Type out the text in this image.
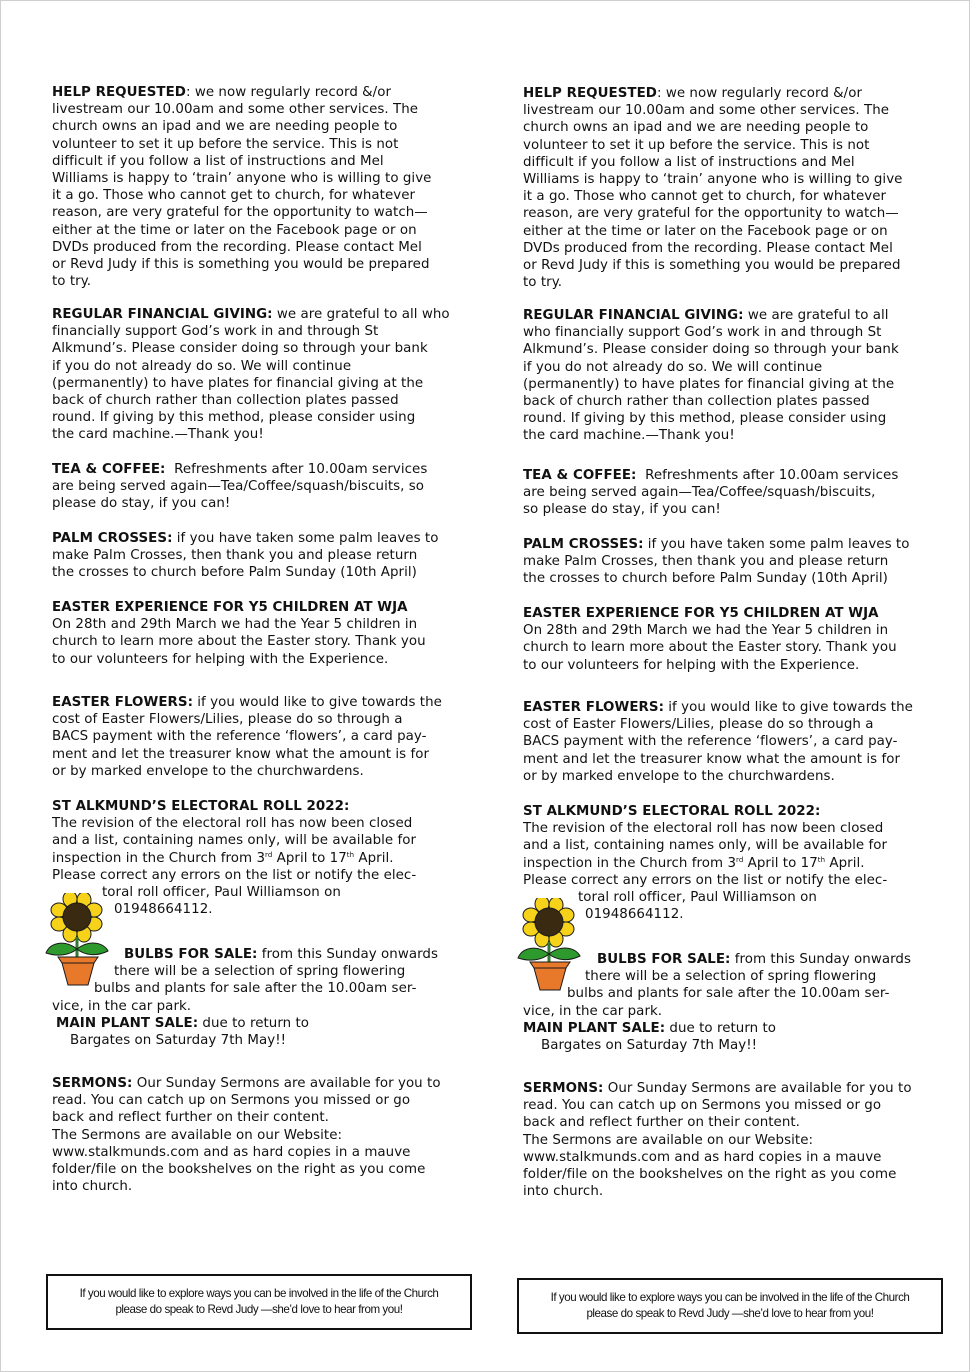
HELP REQUESTED: we now regularly record &/or

livestream our 10.00am and some other services. The

church owns an ipad and we are needing people to

volunteer to set it up before the service. This is not

difficult if you follow a list of instructions and Mel

Williams is happy to ‘train’ anyone who is willing to give

it a go. Those who cannot get to church, for whatever

reason, are very grateful for the opportunity to watch—

either at the time or later on the Facebook page or on

DVDs produced from the recording. Please contact Mel

or Revd Judy if this is something you would be prepared

to try.

REGULAR FINANCIAL GIVING: we are grateful to all who

financially support God’s work in and through St

Alkmund’s. Please consider doing so through your bank

if you do not already do so. We will continue

(permanently) to have plates for financial giving at the

back of church rather than collection plates passed

round. If giving by this method, please consider using

the card machine.—Thank you!

TEA & COFFEE:  Refreshments after 10.00am services

are being served again—Tea/Coffee/squash/biscuits, so

please do stay, if you can!

PALM CROSSES: if you have taken some palm leaves to

make Palm Crosses, then thank you and please return

the crosses to church before Palm Sunday (10th April)

EASTER EXPERIENCE FOR Y5 CHILDREN AT WJA

On 28th and 29th March we had the Year 5 children in

church to learn more about the Easter story. Thank you

to our volunteers for helping with the Experience.

EASTER FLOWERS: if you would like to give towards the

cost of Easter Flowers/Lilies, please do so through a

BACS payment with the reference ‘flowers’, a card pay-

ment and let the treasurer know what the amount is for

or by marked envelope to the churchwardens.

ST ALKMUND’S ELECTORAL ROLL 2022:

The revision of the electoral roll has now been closed

and a list, containing names only, will be available for

inspection in the Church from 3rd April to 17th April.

Please correct any errors on the list or notify the elec-

toral roll officer, Paul Williamson on

01948664112.

BULBS FOR SALE: from this Sunday onwards

there will be a selection of spring flowering

bulbs and plants for sale after the 10.00am ser-

vice, in the car park.

MAIN PLANT SALE: due to return to

Bargates on Saturday 7th May!!

SERMONS: Our Sunday Sermons are available for you to

read. You can catch up on Sermons you missed or go

back and reflect further on their content.

The Sermons are available on our Website:

www.stalkmunds.com and as hard copies in a mauve

folder/file on the bookshelves on the right as you come

into church.

HELP REQUESTED: we now regularly record &/or

livestream our 10.00am and some other services. The

church owns an ipad and we are needing people to

volunteer to set it up before the service. This is not

difficult if you follow a list of instructions and Mel

Williams is happy to ‘train’ anyone who is willing to give

it a go. Those who cannot get to church, for whatever

reason, are very grateful for the opportunity to watch—

either at the time or later on the Facebook page or on

DVDs produced from the recording. Please contact Mel

or Revd Judy if this is something you would be prepared

to try.

REGULAR FINANCIAL GIVING: we are grateful to all

who financially support God’s work in and through St

Alkmund’s. Please consider doing so through your bank

if you do not already do so. We will continue

(permanently) to have plates for financial giving at the

back of church rather than collection plates passed

round. If giving by this method, please consider using

the card machine.—Thank you!

TEA & COFFEE:  Refreshments after 10.00am services

are being served again—Tea/Coffee/squash/biscuits,

so please do stay, if you can!

PALM CROSSES: if you have taken some palm leaves to

make Palm Crosses, then thank you and please return

the crosses to church before Palm Sunday (10th April)

EASTER EXPERIENCE FOR Y5 CHILDREN AT WJA

On 28th and 29th March we had the Year 5 children in

church to learn more about the Easter story. Thank you

to our volunteers for helping with the Experience.

EASTER FLOWERS: if you would like to give towards the

cost of Easter Flowers/Lilies, please do so through a

BACS payment with the reference ‘flowers’, a card pay-

ment and let the treasurer know what the amount is for

or by marked envelope to the churchwardens.

ST ALKMUND’S ELECTORAL ROLL 2022:

The revision of the electoral roll has now been closed

and a list, containing names only, will be available for

inspection in the Church from 3rd April to 17th April.

Please correct any errors on the list or notify the elec-

toral roll officer, Paul Williamson on

01948664112.

BULBS FOR SALE: from this Sunday onwards

there will be a selection of spring flowering

bulbs and plants for sale after the 10.00am ser-

vice, in the car park.

MAIN PLANT SALE: due to return to

Bargates on Saturday 7th May!!

SERMONS: Our Sunday Sermons are available for you to

read. You can catch up on Sermons you missed or go

back and reflect further on their content.

The Sermons are available on our Website:

www.stalkmunds.com and as hard copies in a mauve

folder/file on the bookshelves on the right as you come

into church.

If you would like to explore ways you can be involved in the life of the Church
please do speak to Revd Judy —she’d love to hear from you!
If you would like to explore ways you can be involved in the life of the Church
please do speak to Revd Judy —she’d love to hear from you!
